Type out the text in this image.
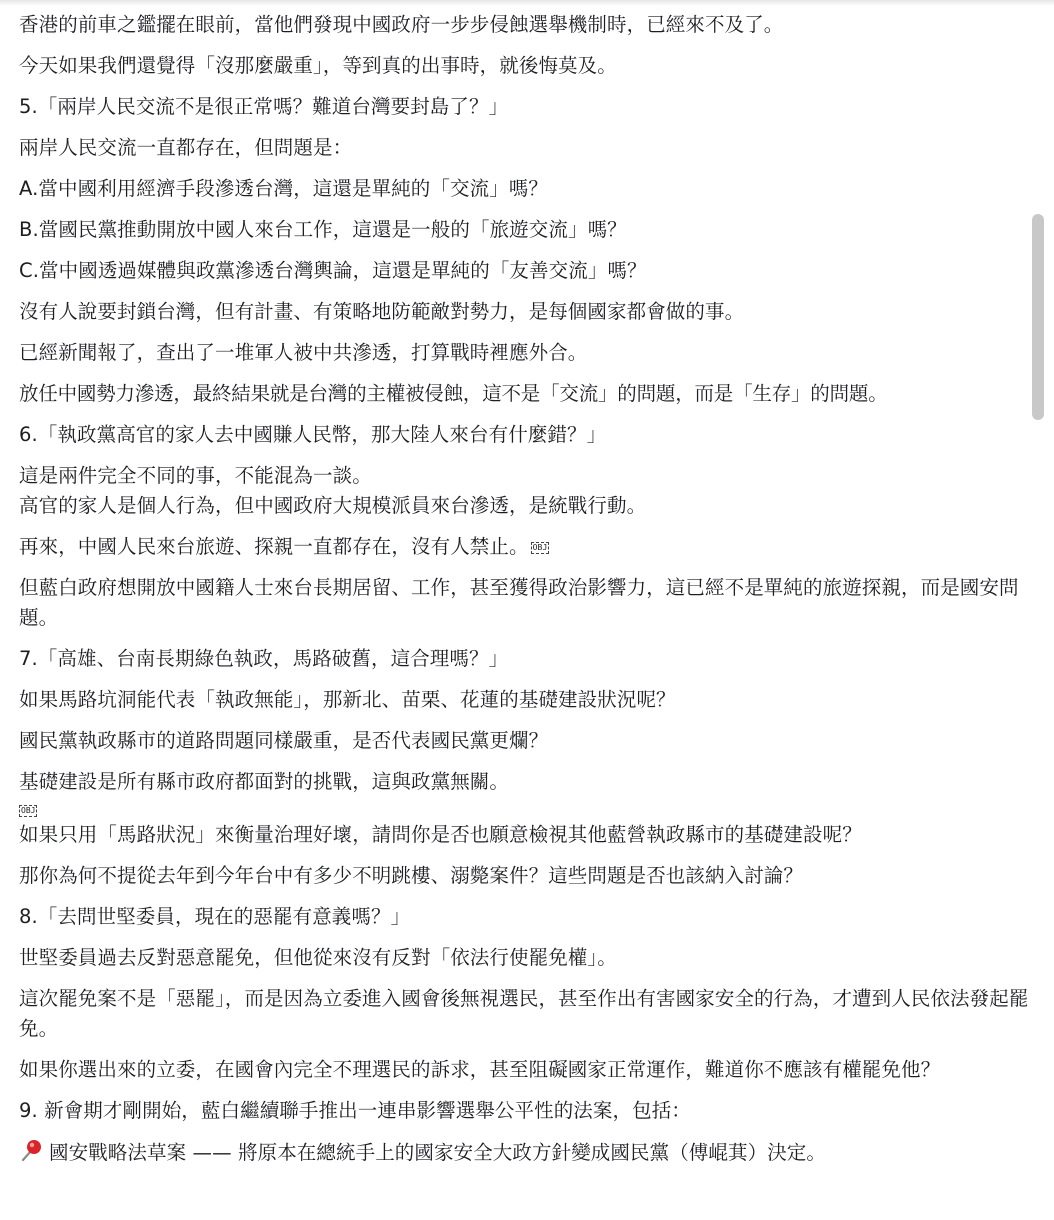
香港的前車之鑑擺在眼前，當他們發現中國政府一步步侵蝕選舉機制時，已經來不及了。
今天如果我們還覺得「沒那麼嚴重」，等到真的出事時，就後悔莫及。
5.「兩岸人民交流不是很正常嗎？難道台灣要封島了？」
兩岸人民交流一直都存在，但問題是：
A.當中國利用經濟手段滲透台灣，這還是單純的「交流」嗎？
B.當國民黨推動開放中國人來台工作，這還是一般的「旅遊交流」嗎？
C.當中國透過媒體與政黨滲透台灣輿論，這還是單純的「友善交流」嗎？
沒有人說要封鎖台灣，但有計畫、有策略地防範敵對勢力，是每個國家都會做的事。
已經新聞報了，查出了一堆軍人被中共滲透，打算戰時裡應外合。
放任中國勢力滲透，最終結果就是台灣的主權被侵蝕，這不是「交流」的問題，而是「生存」的問題。
6.「執政黨高官的家人去中國賺人民幣，那大陸人來台有什麼錯？」
這是兩件完全不同的事，不能混為一談。
高官的家人是個人行為，但中國政府大規模派員來台滲透，是統戰行動。
再來，中國人民來台旅遊、探親一直都存在，沒有人禁止。 OBJ
但藍白政府想開放中國籍人士來台長期居留、工作，甚至獲得政治影響力，這已經不是單純的旅遊探親，而是國安問題。
7.「高雄、台南長期綠色執政，馬路破舊，這合理嗎？」
如果馬路坑洞能代表「執政無能」，那新北、苗栗、花蓮的基礎建設狀況呢？
國民黨執政縣市的道路問題同樣嚴重，是否代表國民黨更爛？
基礎建設是所有縣市政府都面對的挑戰，這與政黨無關。
OBJ
如果只用「馬路狀況」來衡量治理好壞，請問你是否也願意檢視其他藍營執政縣市的基礎建設呢？
那你為何不提從去年到今年台中有多少不明跳樓、溺斃案件？這些問題是否也該納入討論？
8.「去問世堅委員，現在的惡罷有意義嗎？」
世堅委員過去反對惡意罷免，但他從來沒有反對「依法行使罷免權」。
這次罷免案不是「惡罷」，而是因為立委進入國會後無視選民，甚至作出有害國家安全的行為，才遭到人民依法發起罷免。
如果你選出來的立委，在國會內完全不理選民的訴求，甚至阻礙國家正常運作，難道你不應該有權罷免他？
9. 新會期才剛開始，藍白繼續聯手推出一連串影響選舉公平性的法案，包括：
國安戰略法草案 —— 將原本在總統手上的國家安全大政方針變成國民黨（傅崐萁）決定。
